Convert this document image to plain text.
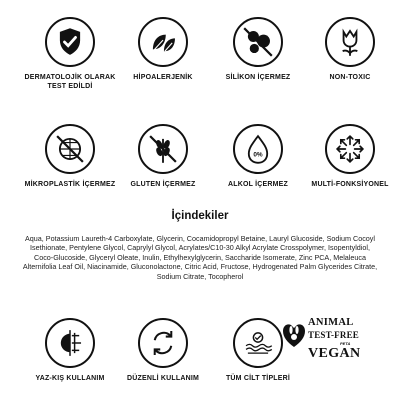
DERMATOLOJİK OLARAK TEST EDİLDİ
HİPOALERJENİK	SİLİKON İÇERMEZ	NON-TOXIC
MİKROPLASTİK İÇERMEZ	GLUTEN İÇERMEZ
0%
ALKOL İÇERMEZ	MULTİ-FONKSİYONEL
İçindekiler
Aqua, Potassium Laureth-4 Carboxylate, Glycerin, Cocamidopropyl Betaine, Lauryl Glucoside, Sodium Cocoyl Isethionate, Pentylene Glycol, Caprylyl Glycol, Acrylates/C10-30 Alkyl Acrylate Crosspolymer, Isopentyldiol, Coco-Glucoside, Glyceryl Oleate, Inulin, Ethylhexylglycerin, Saccharide Isomerate, Zinc PCA, Melaleuca Alternifolia Leaf Oil, Niacinamide, Gluconolactone, Citric Acid, Fructose, Hydrogenated Palm Glycerides Citrate, Sodium Citrate, Tocopherol
YAZ-KIŞ KULLANIM	DÜZENLİ KULLANIM	TÜM CİLT TİPLERİ
ANIMAL
TEST-FREE
PETA
VEGAN
